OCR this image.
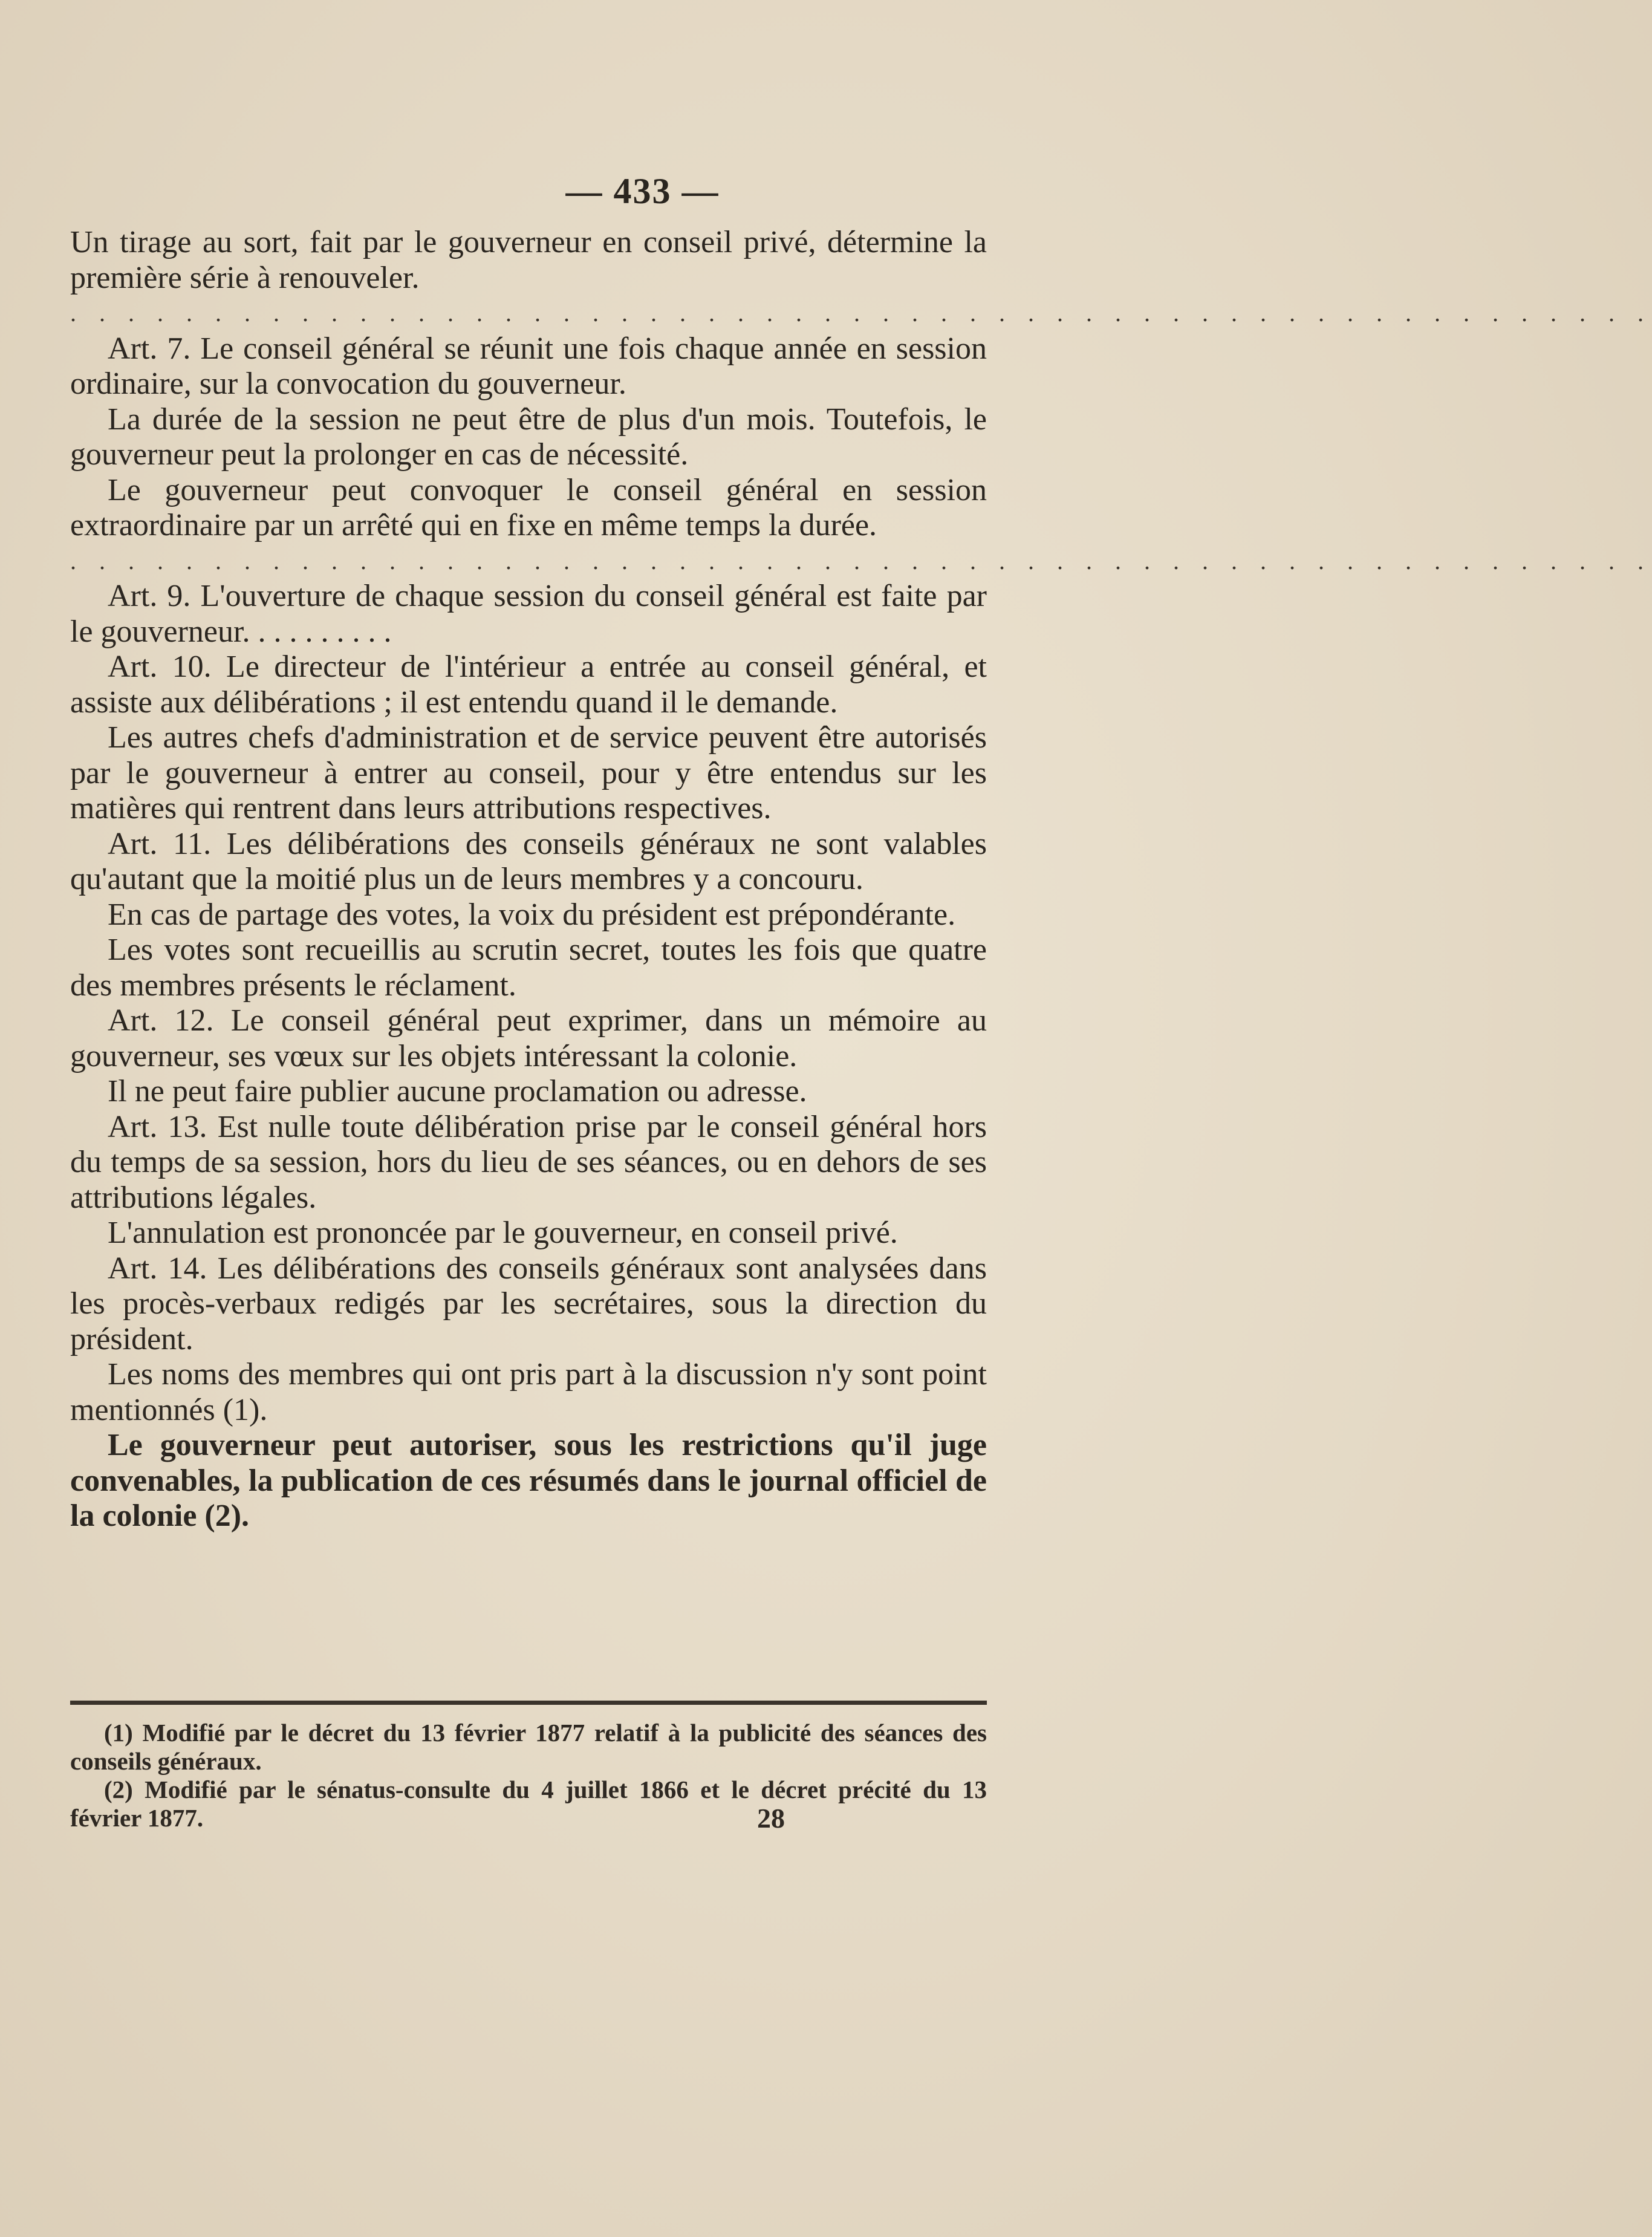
— 433 —

Un tirage au sort, fait par le gouverneur en conseil privé, détermine la première série à renouveler.

. . . . . . . . . . . . . . . . . . . . . . . . . . . . . . . . . . . . . . . . . . . . . . . . . . . . . . .

Art. 7. Le conseil général se réunit une fois chaque année en session ordinaire, sur la convocation du gouverneur.

La durée de la session ne peut être de plus d'un mois. Toutefois, le gouverneur peut la prolonger en cas de nécessité.

Le gouverneur peut convoquer le conseil général en session extraordinaire par un arrêté qui en fixe en même temps la durée.

. . . . . . . . . . . . . . . . . . . . . . . . . . . . . . . . . . . . . . . . . . . . . . . . . . . . . . .

Art. 9. L'ouverture de chaque session du conseil général est faite par le gouverneur. . . . . . . . . .

Art. 10. Le directeur de l'intérieur a entrée au conseil général, et assiste aux délibérations ; il est entendu quand il le demande.

Les autres chefs d'administration et de service peuvent être autorisés par le gouverneur à entrer au conseil, pour y être entendus sur les matières qui rentrent dans leurs attributions respectives.

Art. 11. Les délibérations des conseils généraux ne sont valables qu'autant que la moitié plus un de leurs membres y a concouru.

En cas de partage des votes, la voix du président est prépondérante.

Les votes sont recueillis au scrutin secret, toutes les fois que quatre des membres présents le réclament.

Art. 12. Le conseil général peut exprimer, dans un mémoire au gouverneur, ses vœux sur les objets intéressant la colonie.

Il ne peut faire publier aucune proclamation ou adresse.

Art. 13. Est nulle toute délibération prise par le conseil général hors du temps de sa session, hors du lieu de ses séances, ou en dehors de ses attributions légales.

L'annulation est prononcée par le gouverneur, en conseil privé.

Art. 14. Les délibérations des conseils généraux sont analysées dans les procès-verbaux redigés par les secrétaires, sous la direction du président.

Les noms des membres qui ont pris part à la discussion n'y sont point mentionnés (1).

Le gouverneur peut autoriser, sous les restrictions qu'il juge convenables, la publication de ces résumés dans le journal officiel de la colonie (2).

(1) Modifié par le décret du 13 février 1877 relatif à la publicité des séances des conseils généraux.

(2) Modifié par le sénatus-consulte du 4 juillet 1866 et le décret précité du 13 février 1877.	28
